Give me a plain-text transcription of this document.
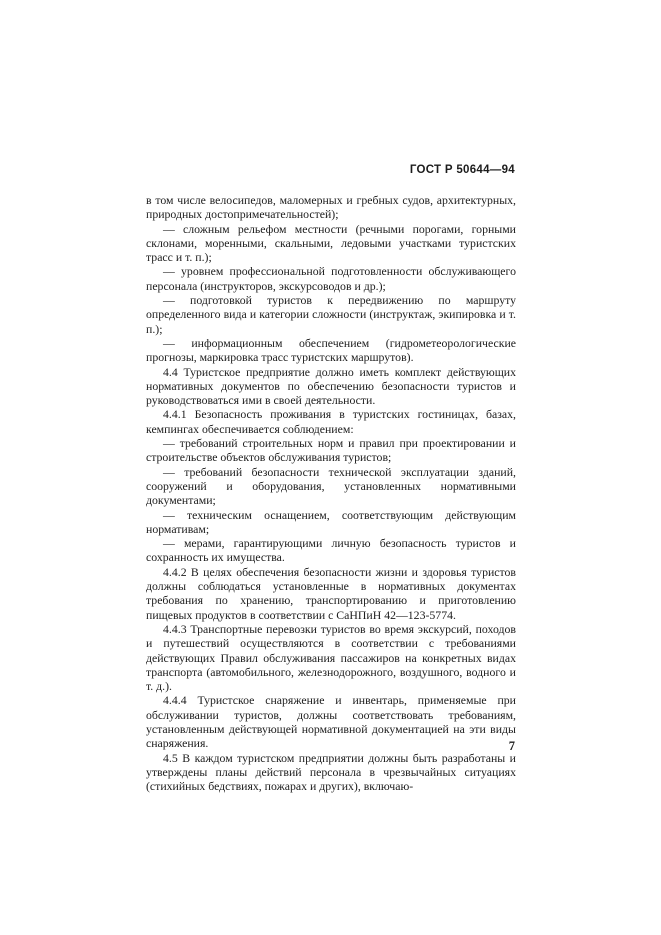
ГОСТ Р 50644—94

в том числе велосипедов, маломерных и гребных судов, архитектурных, природных достопримечательностей);

— сложным рельефом местности (речными порогами, горными склонами, моренными, скальными, ледовыми участками туристских трасс и т. п.);

— уровнем профессиональной подготовленности обслуживающего персонала (инструкторов, экскурсоводов и др.);

— подготовкой туристов к передвижению по маршруту определенного вида и категории сложности (инструктаж, экипировка и т. п.);

— информационным обеспечением (гидрометеорологические прогнозы, маркировка трасс туристских маршрутов).

4.4 Туристское предприятие должно иметь комплект действующих нормативных документов по обеспечению безопасности туристов и руководствоваться ими в своей деятельности.

4.4.1 Безопасность проживания в туристских гостиницах, базах, кемпингах обеспечивается соблюдением:

— требований строительных норм и правил при проектировании и строительстве объектов обслуживания туристов;

— требований безопасности технической эксплуатации зданий, сооружений и оборудования, установленных нормативными документами;

— техническим оснащением, соответствующим действующим нормативам;

— мерами, гарантирующими личную безопасность туристов и сохранность их имущества.

4.4.2 В целях обеспечения безопасности жизни и здоровья туристов должны соблюдаться установленные в нормативных документах требования по хранению, транспортированию и приготовлению пищевых продуктов в соответствии с СаНПиН 42—123-5774.

4.4.3 Транспортные перевозки туристов во время экскурсий, походов и путешествий осуществляются в соответствии с требованиями действующих Правил обслуживания пассажиров на конкретных видах транспорта (автомобильного, железнодорожного, воздушного, водного и т. д.).

4.4.4 Туристское снаряжение и инвентарь, применяемые при обслуживании туристов, должны соответствовать требованиям, установленным действующей нормативной документацией на эти виды снаряжения.

4.5 В каждом туристском предприятии должны быть разработаны и утверждены планы действий персонала в чрезвычайных ситуациях (стихийных бедствиях, пожарах и других), включаю-

7
